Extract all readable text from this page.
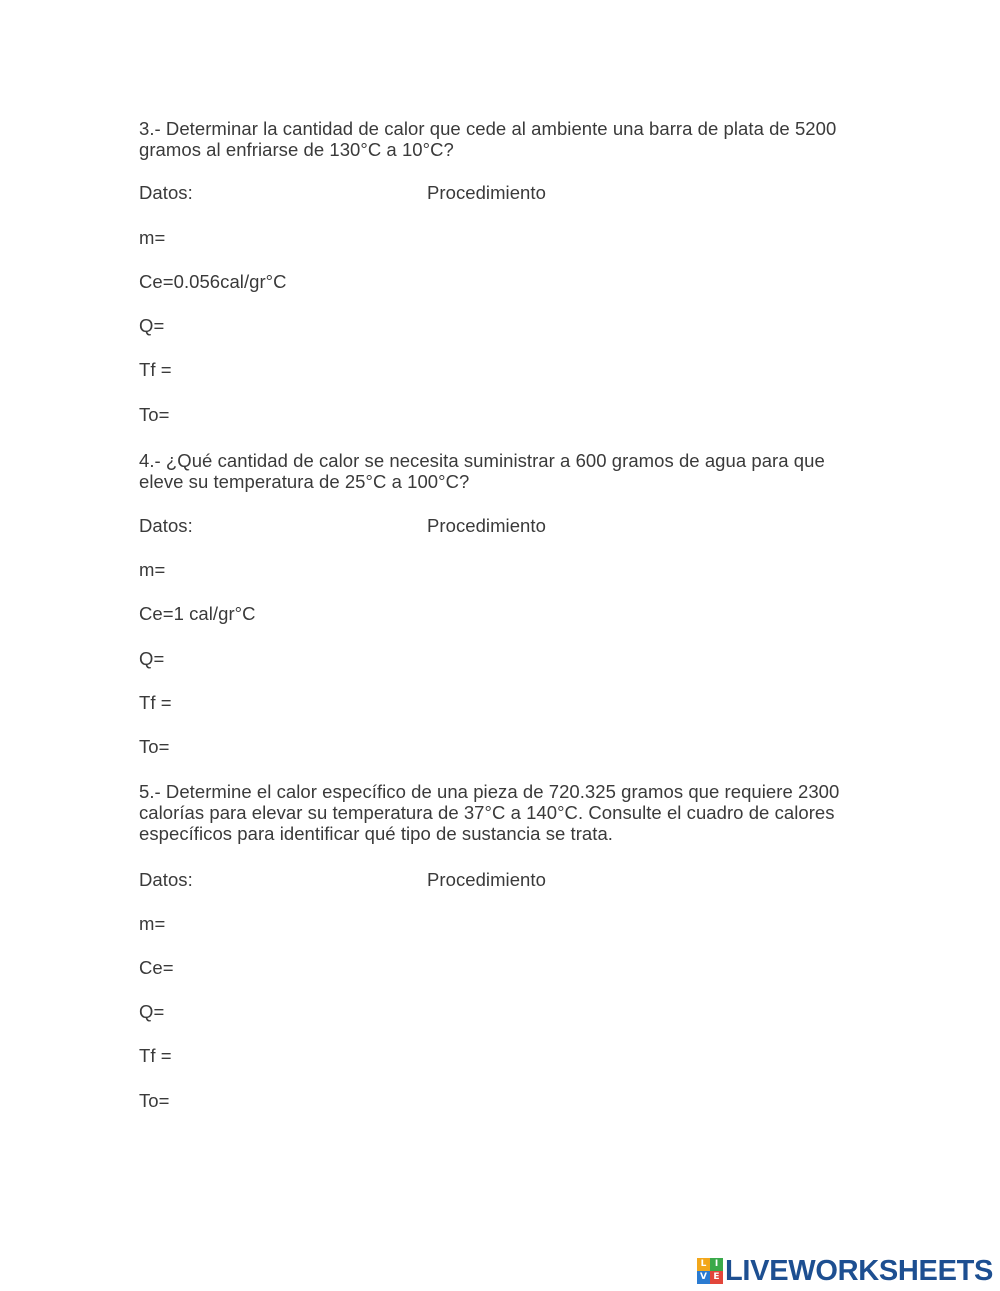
3.- Determinar la cantidad de calor que cede al ambiente una barra de plata de 5200 gramos al enfriarse de 130°C a 10°C?
Datos:	Procedimiento
m=
Ce=0.056cal/gr°C
Q=
Tf =
To=
4.- ¿Qué cantidad de calor se necesita suministrar a 600 gramos de agua para que eleve su temperatura de 25°C a 100°C?
Datos:	Procedimiento
m=
Ce=1 cal/gr°C
Q=
Tf =
To=
5.- Determine el calor específico de una pieza de 720.325 gramos que requiere 2300 calorías para elevar su temperatura de 37°C a 140°C. Consulte el cuadro de calores específicos para identificar qué tipo de sustancia se trata.
Datos:	Procedimiento
m=
Ce=
Q=
Tf =
To=
L I
V E LIVEWORKSHEETS
